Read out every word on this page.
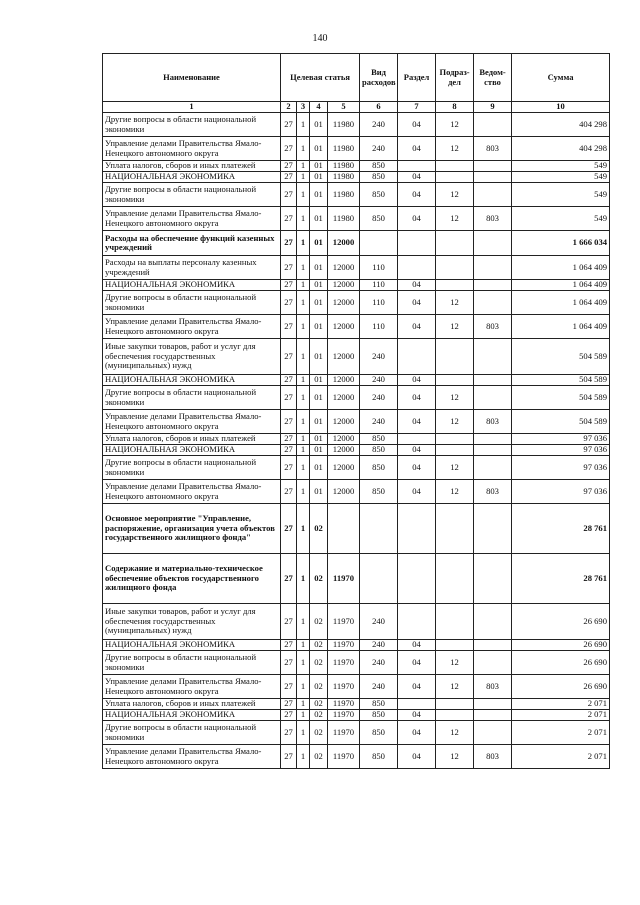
140
Наименование	Целевая статья				Вид расходов	Раздел	Подраз-дел	Ведом-ство	Сумма
1	2	3	4	5	6	7	8	9	10
Другие вопросы в области национальной экономики	27	1	01	11980	240	04	12		404 298
Управление делами Правительства Ямало-Ненецкого автономного округа	27	1	01	11980	240	04	12	803	404 298
Уплата налогов, сборов и иных платежей	27	1	01	11980	850				549
НАЦИОНАЛЬНАЯ ЭКОНОМИКА	27	1	01	11980	850	04			549
Другие вопросы в области национальной экономики	27	1	01	11980	850	04	12		549
Управление делами Правительства Ямало-Ненецкого автономного округа	27	1	01	11980	850	04	12	803	549
Расходы на обеспечение функций казенных учреждений	27	1	01	12000					1 666 034
Расходы на выплаты персоналу казенных учреждений	27	1	01	12000	110				1 064 409
НАЦИОНАЛЬНАЯ ЭКОНОМИКА	27	1	01	12000	110	04			1 064 409
Другие вопросы в области национальной экономики	27	1	01	12000	110	04	12		1 064 409
Управление делами Правительства Ямало-Ненецкого автономного округа	27	1	01	12000	110	04	12	803	1 064 409
Иные закупки товаров, работ и услуг для обеспечения государственных (муниципальных) нужд	27	1	01	12000	240				504 589
НАЦИОНАЛЬНАЯ ЭКОНОМИКА	27	1	01	12000	240	04			504 589
Другие вопросы в области национальной экономики	27	1	01	12000	240	04	12		504 589
Управление делами Правительства Ямало-Ненецкого автономного округа	27	1	01	12000	240	04	12	803	504 589
Уплата налогов, сборов и иных платежей	27	1	01	12000	850				97 036
НАЦИОНАЛЬНАЯ ЭКОНОМИКА	27	1	01	12000	850	04			97 036
Другие вопросы в области национальной экономики	27	1	01	12000	850	04	12		97 036
Управление делами Правительства Ямало-Ненецкого автономного округа	27	1	01	12000	850	04	12	803	97 036
Основное мероприятие "Управление, распоряжение, организация учета объектов государственного жилищного фонда"	27	1	02						28 761
Содержание и материально-техническое обеспечение объектов государственного жилищного фонда	27	1	02	11970					28 761
Иные закупки товаров, работ и услуг для обеспечения государственных (муниципальных) нужд	27	1	02	11970	240				26 690
НАЦИОНАЛЬНАЯ ЭКОНОМИКА	27	1	02	11970	240	04			26 690
Другие вопросы в области национальной экономики	27	1	02	11970	240	04	12		26 690
Управление делами Правительства Ямало-Ненецкого автономного округа	27	1	02	11970	240	04	12	803	26 690
Уплата налогов, сборов и иных платежей	27	1	02	11970	850				2 071
НАЦИОНАЛЬНАЯ ЭКОНОМИКА	27	1	02	11970	850	04			2 071
Другие вопросы в области национальной экономики	27	1	02	11970	850	04	12		2 071
Управление делами Правительства Ямало-Ненецкого автономного округа	27	1	02	11970	850	04	12	803	2 071
